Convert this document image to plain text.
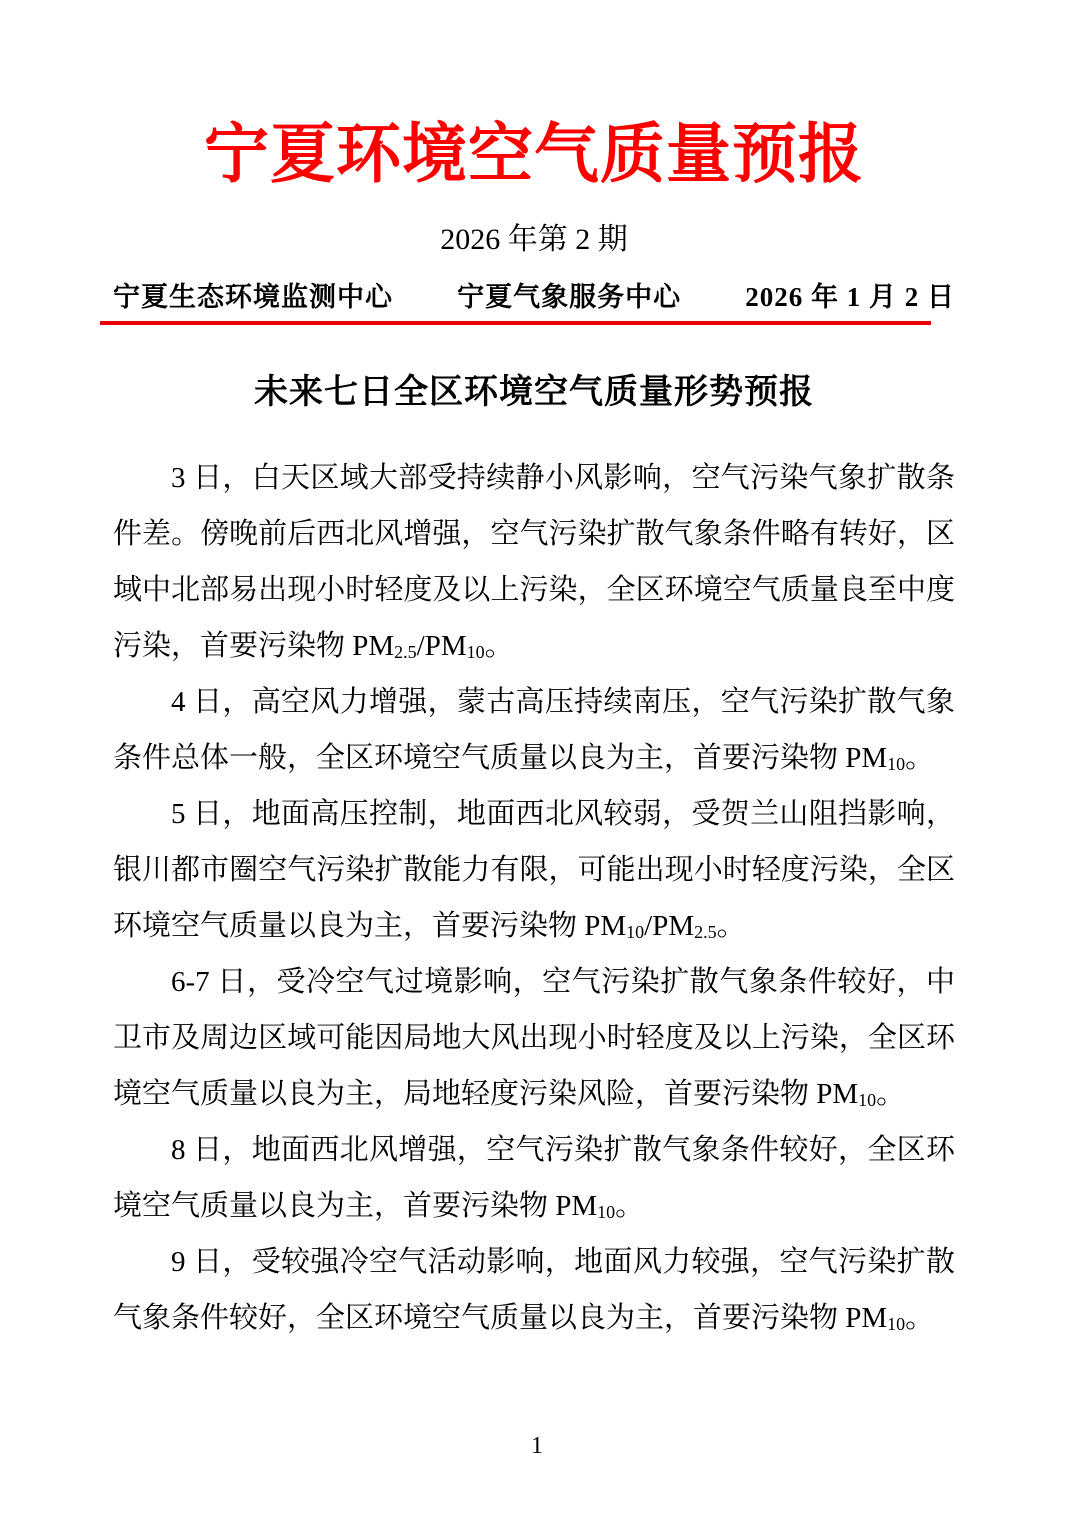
宁夏环境空气质量预报
2026 年第 2 期
宁夏生态环境监测中心 宁夏气象服务中心 2026 年 1 月 2 日
未来七日全区环境空气质量形势预报

3 日，白天区域大部受持续静小风影响，空气污染气象扩散条件差。傍晚前后西北风增强，空气污染扩散气象条件略有转好，区域中北部易出现小时轻度及以上污染，全区环境空气质量良至中度污染，首要污染物 $PM_{2.5}/PM_{10}$。

4 日，高空风力增强，蒙古高压持续南压，空气污染扩散气象条件总体一般，全区环境空气质量以良为主，首要污染物 $PM_{10}$。

5 日，地面高压控制，地面西北风较弱，受贺兰山阻挡影响，银川都市圈空气污染扩散能力有限，可能出现小时轻度污染，全区环境空气质量以良为主，首要污染物 $PM_{10}/PM_{2.5}$。

6-7 日，受冷空气过境影响，空气污染扩散气象条件较好，中卫市及周边区域可能因局地大风出现小时轻度及以上污染，全区环境空气质量以良为主，局地轻度污染风险，首要污染物 $PM_{10}$。

8 日，地面西北风增强，空气污染扩散气象条件较好，全区环境空气质量以良为主，首要污染物 $PM_{10}$。

9 日，受较强冷空气活动影响，地面风力较强，空气污染扩散气象条件较好，全区环境空气质量以良为主，首要污染物 $PM_{10}$。

1
